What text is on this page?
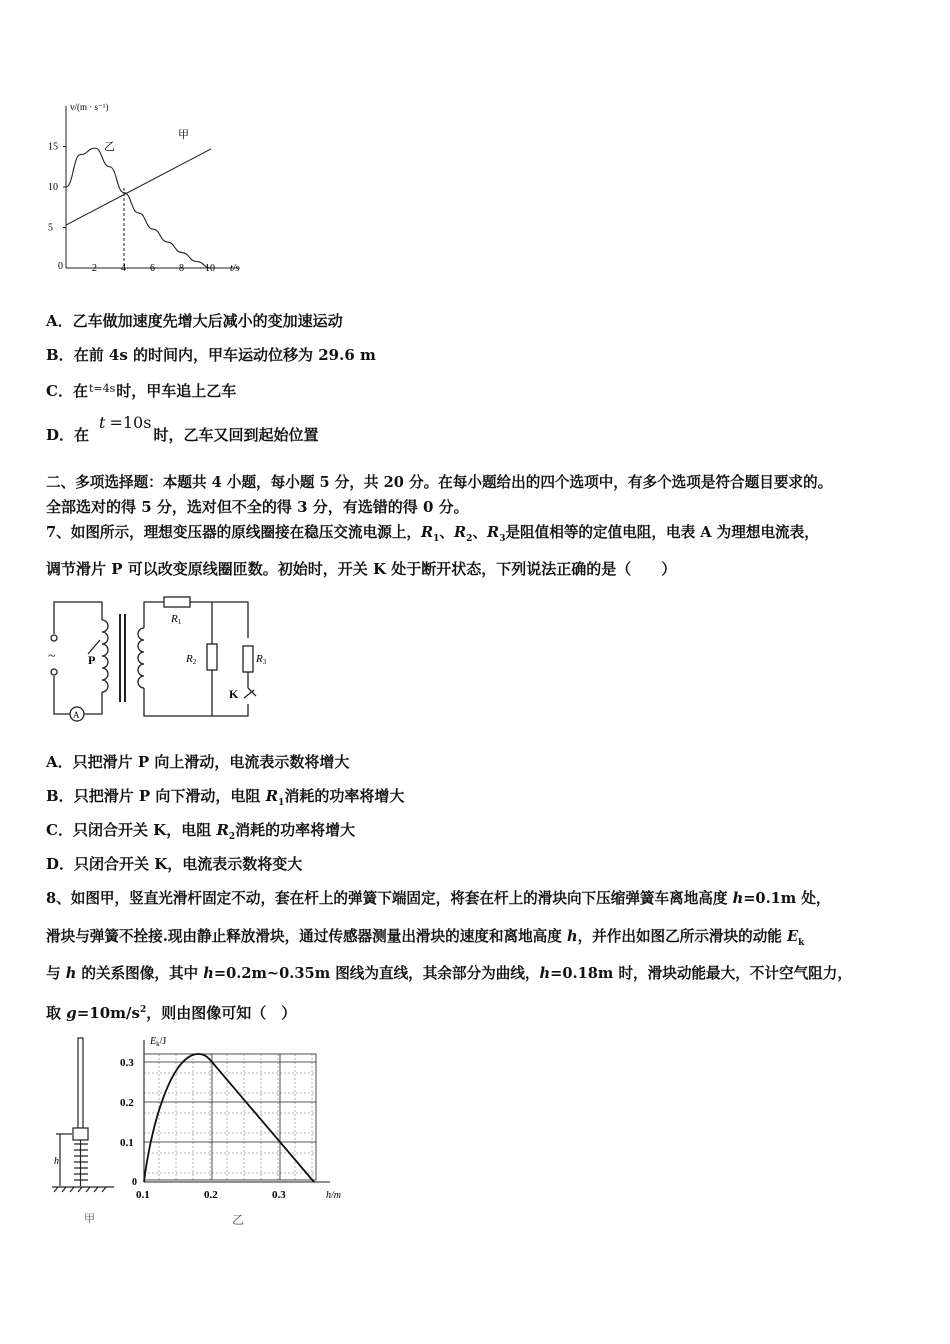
v/(m · s⁻¹)
t/s
0
5
10
15
2 4 6 8 10
乙
甲
A．乙车做加速度先增大后减小的变加速运动
B．在前 4s 的时间内，甲车运动位移为 29.6 m
C．在$^{t=4s}$时，甲车追上乙车
D．在t =10s时，乙车又回到起始位置
二、多项选择题：本题共 4 小题，每小题 5 分，共 20 分。在每小题给出的四个选项中，有多个选项是符合题目要求的。
全部选对的得 5 分，选对但不全的得 3 分，有选错的得 0 分。
7、如图所示，理想变压器的原线圈接在稳压交流电源上，$R_1$、$R_2$、$R_3$是阻值相等的定值电阻，电表 A 为理想电流表，
调节滑片 P 可以改变原线圈匝数。初始时，开关 K 处于断开状态，下列说法正确的是（　　）
~
A
P
R1
R2	R3
K
A．只把滑片 P 向上滑动，电流表示数将增大
B．只把滑片 P 向下滑动，电阻 $R_1$消耗的功率将增大
C．只闭合开关 K，电阻 $R_2$消耗的功率将增大
D．只闭合开关 K，电流表示数将变大
8、如图甲，竖直光滑杆固定不动，套在杆上的弹簧下端固定，将套在杆上的滑块向下压缩弹簧车离地高度 h=0.1m 处，
滑块与弹簧不拴接.现由静止释放滑块，通过传感器测量出滑块的速度和离地高度 h，并作出如图乙所示滑块的动能 $E_k$
与 h 的关系图像，其中 h=0.2m~0.35m 图线为直线，其余部分为曲线，h=0.18m 时，滑块动能最大，不计空气阻力，
取 $g=10m/s^2$，则由图像可知（　）
h
甲
$E_k/J$
h/m
0
0.1
0.2
0.3
0.1	0.2	0.3
乙
